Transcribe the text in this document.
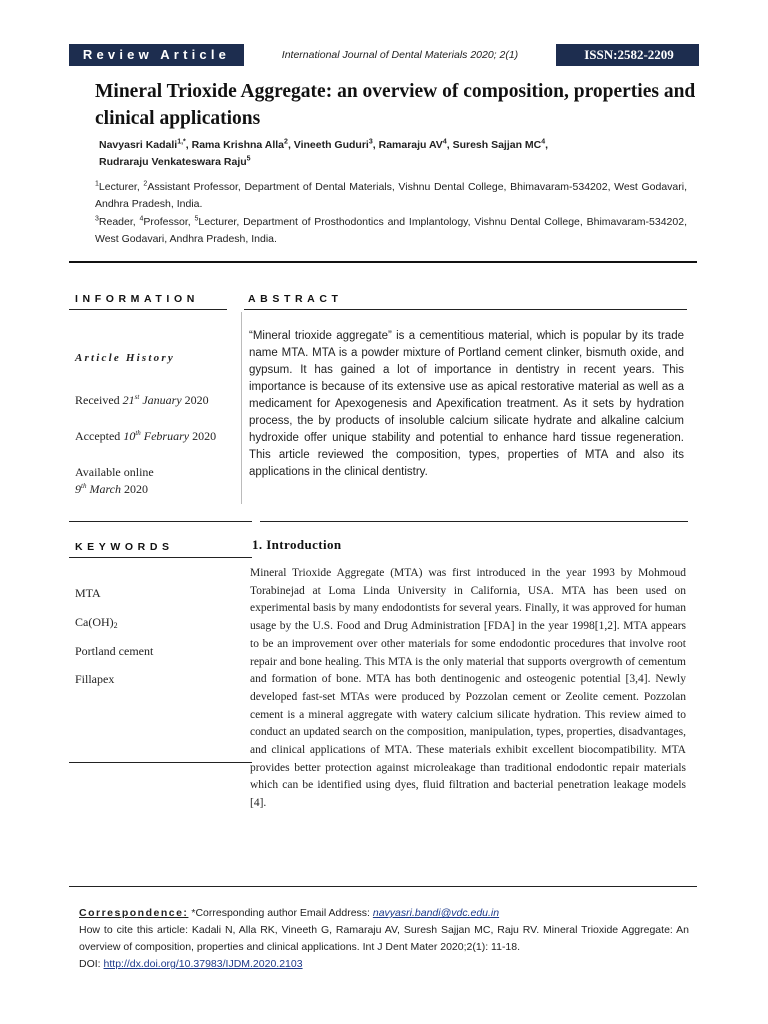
Review Article	International Journal of Dental Materials 2020; 2(1)	ISSN:2582-2209
Mineral Trioxide Aggregate: an overview of composition, properties and clinical applications
Navyasri Kadali$^{1,*}$, Rama Krishna Alla$^2$, Vineeth Guduri$^3$, Ramaraju $AV^4$, Suresh Sajjan $MC^4$,
Rudraraju Venkateswara Raju$^5$
$^1$Lecturer, $^2$Assistant Professor, Department of Dental Materials, Vishnu Dental College, Bhimavaram-534202, West Godavari, Andhra Pradesh, India.
$^3$Reader, $^4$Professor, $^5$Lecturer, Department of Prosthodontics and Implantology, Vishnu Dental College, Bhimavaram-534202, West Godavari, Andhra Pradesh, India.
INFORMATION
Article History
Received 21st January 2020
Accepted 10th February 2020
Available online
9th March 2020
ABSTRACT
“Mineral trioxide aggregate” is a cementitious material, which is popular by its trade name MTA. MTA is a powder mixture of Portland cement clinker, bismuth oxide, and gypsum. It has gained a lot of importance in dentistry in recent years. This importance is because of its extensive use as apical restorative material as well as a medicament for Apexogenesis and Apexification treatment. As it sets by hydration process, the by products of insoluble calcium silicate hydrate and alkaline calcium hydroxide offer unique stability and potential to enhance hard tissue regeneration. This article reviewed the composition, types, properties of MTA and also its applications in the clinical dentistry.
KEYWORDS
MTA
Ca(OH)2
Portland cement
Fillapex
1. Introduction
Mineral Trioxide Aggregate (MTA) was first introduced in the year 1993 by Mohmoud Torabinejad at Loma Linda University in California, USA. MTA has been used on experimental basis by many endodontists for several years. Finally, it was approved for human usage by the U.S. Food and Drug Administration [FDA] in the year 1998[1,2]. MTA appears to be an improvement over other materials for some endodontic procedures that involve root repair and bone healing. This MTA is the only material that supports overgrowth of cementum and formation of bone. MTA has both dentinogenic and osteogenic potential [3,4]. Newly developed fast-set MTAs were produced by Pozzolan cement or Zeolite cement. Pozzolan cement is a mineral aggregate with watery calcium silicate hydration. This review aimed to conduct an updated search on the composition, manipulation, types, properties, disadvantages, and clinical applications of MTA. These materials exhibit excellent biocompatibility. MTA provides better protection against microleakage than traditional endodontic repair materials which can be identified using dyes, fluid filtration and bacterial penetration leakage models [4].
Correspondence: *Corresponding author Email Address: navyasri.bandi@vdc.edu.in
How to cite this article: Kadali N, Alla RK, Vineeth G, Ramaraju AV, Suresh Sajjan MC, Raju RV. Mineral Trioxide Aggregate: An overview of composition, properties and clinical applications. Int J Dent Mater 2020;2(1): 11-18.
DOI: http://dx.doi.org/10.37983/IJDM.2020.2103
